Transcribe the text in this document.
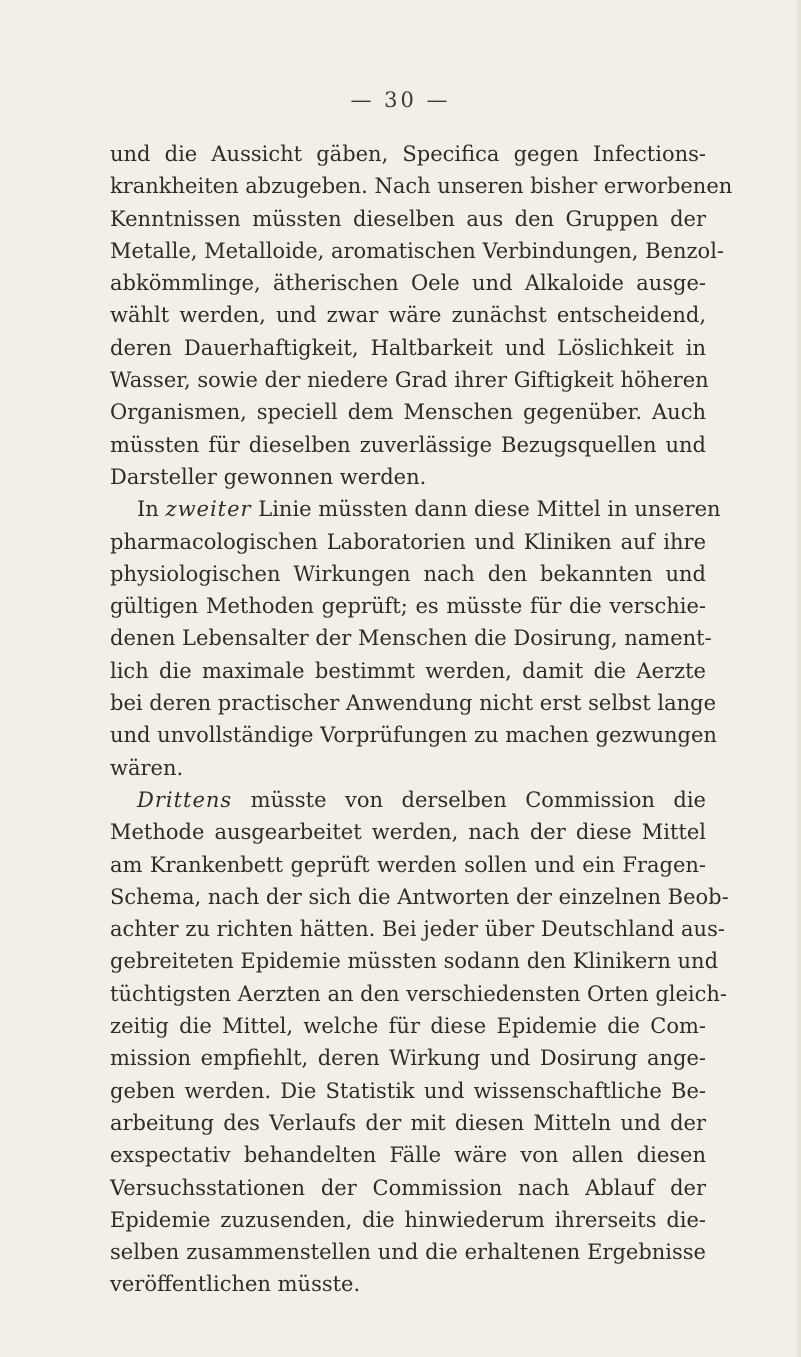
— 30 —
und die Aussicht gäben, Specifica gegen Infections-
krankheiten abzugeben. Nach unseren bisher erworbenen
Kenntnissen müssten dieselben aus den Gruppen der
Metalle, Metalloide, aromatischen Verbindungen, Benzol-
abkömmlinge, ätherischen Oele und Alkaloide ausge-
wählt werden, und zwar wäre zunächst entscheidend,
deren Dauerhaftigkeit, Haltbarkeit und Löslichkeit in
Wasser, sowie der niedere Grad ihrer Giftigkeit höheren
Organismen, speciell dem Menschen gegenüber. Auch
müssten für dieselben zuverlässige Bezugsquellen und
Darsteller gewonnen werden.
In zweiter Linie müssten dann diese Mittel in unseren
pharmacologischen Laboratorien und Kliniken auf ihre
physiologischen Wirkungen nach den bekannten und
gültigen Methoden geprüft; es müsste für die verschie-
denen Lebensalter der Menschen die Dosirung, nament-
lich die maximale bestimmt werden, damit die Aerzte
bei deren practischer Anwendung nicht erst selbst lange
und unvollständige Vorprüfungen zu machen gezwungen
wären.
Drittens müsste von derselben Commission die
Methode ausgearbeitet werden, nach der diese Mittel
am Krankenbett geprüft werden sollen und ein Fragen-
Schema, nach der sich die Antworten der einzelnen Beob-
achter zu richten hätten. Bei jeder über Deutschland aus-
gebreiteten Epidemie müssten sodann den Klinikern und
tüchtigsten Aerzten an den verschiedensten Orten gleich-
zeitig die Mittel, welche für diese Epidemie die Com-
mission empfiehlt, deren Wirkung und Dosirung ange-
geben werden. Die Statistik und wissenschaftliche Be-
arbeitung des Verlaufs der mit diesen Mitteln und der
exspectativ behandelten Fälle wäre von allen diesen
Versuchsstationen der Commission nach Ablauf der
Epidemie zuzusenden, die hinwiederum ihrerseits die-
selben zusammenstellen und die erhaltenen Ergebnisse
veröffentlichen müsste.
